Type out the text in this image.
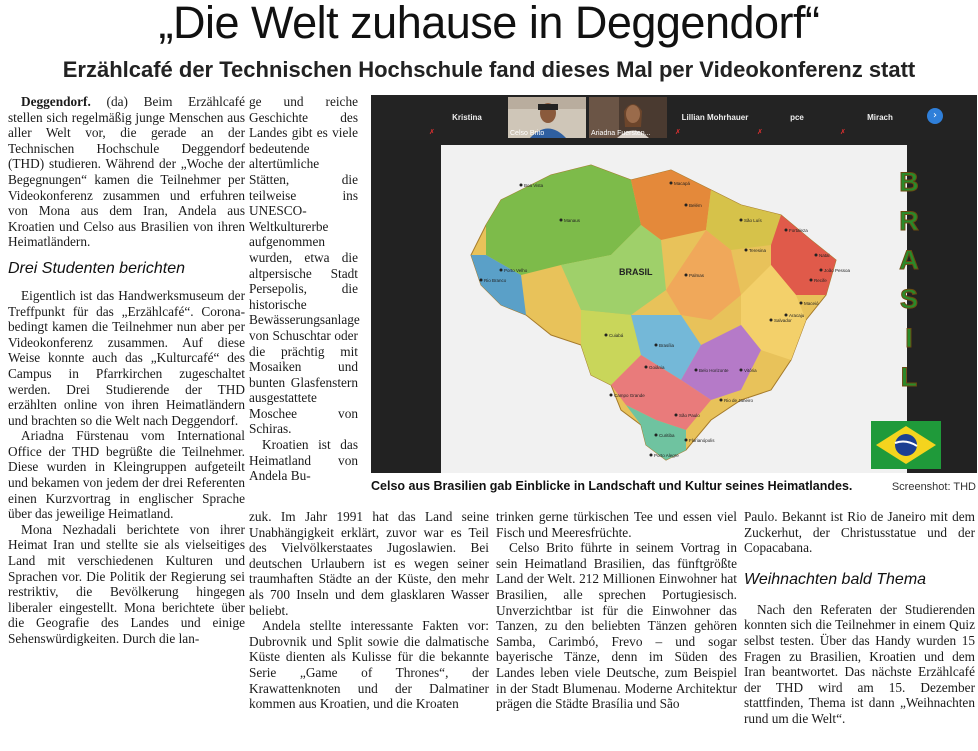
„Die Welt zuhause in Deggendorf“
Erzählcafé der Technischen Hochschule fand dieses Mal per Videokonferenz statt

Deggendorf. (da) Beim Erzählcafé stellen sich regelmäßig junge Menschen aus aller Welt vor, die gerade an der Technischen Hochschule Deggendorf (THD) studieren. Während der „Woche der Begegnungen“ kamen die Teilnehmer per Videokonferenz zusammen und erfuhren von Mona aus dem Iran, Andela aus Kroatien und Celso aus Brasilien von ihren Heimatländern.

Drei Studenten berichten

Eigentlich ist das Handwerksmuseum der Treffpunkt für das „Erzählcafé“. Corona-bedingt kamen die Teilnehmer nun aber per Videokonferenz zusammen. Auf diese Weise konnte auch das „Kulturcafé“ des Campus in Pfarrkirchen zugeschaltet werden. Drei Studierende der THD erzählten online von ihren Heimatländern und brachten so die Welt nach Deggendorf.

Ariadna Fürstenau vom International Office der THD begrüßte die Teilnehmer. Diese wurden in Kleingruppen aufgeteilt und bekamen von jedem der drei Referenten einen Kurzvortrag in englischer Sprache über das jeweilige Heimatland.

Mona Nezhadali berichtete von ihrer Heimat Iran und stellte sie als vielseitiges Land mit verschiedenen Kulturen und Sprachen vor. Die Politik der Regierung sei restriktiv, die Bevölkerung hingegen liberaler eingestellt. Mona berichtete über die Geografie des Landes und einige Sehenswürdigkeiten. Durch die lan-

ge und reiche Geschichte des Landes gibt es viele bedeutende altertümliche Stätten, die teilweise ins UNESCO-Weltkulturerbe aufgenommen wurden, etwa die altpersische Stadt Persepolis, die historische Bewässerungsanlage von Schuschtar oder die prächtig mit Mosaiken und bunten Glasfenstern ausgestattete Moschee von Schiras.

Kroatien ist das Heimatland von Andela Bu-

zuk. Im Jahr 1991 hat das Land seine Unabhängigkeit erklärt, zuvor war es Teil des Vielvölkerstaates Jugoslawien. Bei deutschen Urlaubern ist es wegen seiner traumhaften Städte an der Küste, den mehr als 700 Inseln und dem glasklaren Wasser beliebt.

Andela stellte interessante Fakten vor: Dubrovnik und Split sowie die dalmatische Küste dienten als Kulisse für die bekannte Serie „Game of Thrones“, der Krawattenknoten und der Dalmatiner kommen aus Kroatien, und die Kroaten

trinken gerne türkischen Tee und essen viel Fisch und Meeresfrüchte.

Celso Brito führte in seinem Vortrag in sein Heimatland Brasilien, das fünftgrößte Land der Welt. 212 Millionen Einwohner hat Brasilien, alle sprechen Portugiesisch. Unverzichtbar ist für die Einwohner das Tanzen, zu den beliebten Tänzen gehören Samba, Carimbó, Frevo – und sogar bayerische Tänze, denn im Süden des Landes leben viele Deutsche, zum Beispiel in der Stadt Blumenau. Moderne Architektur prägen die Städte Brasília und São

Paulo. Bekannt ist Rio de Janeiro mit dem Zuckerhut, der Christusstatue und der Copacabana.

Weihnachten bald Thema

Nach den Referaten der Studierenden konnten sich die Teilnehmer in einem Quiz selbst testen. Über das Handy wurden 15 Fragen zu Brasilien, Kroatien und dem Iran beantwortet. Das nächste Erzählcafé der THD wird am 15. Dezember stattfinden, Thema ist dann „Weihnachten rund um die Welt“.

Kristina
✗	Celso Brito	Ariadna Fuersten...
Lillian Mohrhauer
✗
pce
✗
Mirach
✗
›
BRASIL
Boa Vista	Macapá
Manaus
Belém
São Luís
Fortaleza
Natal
Recife
Salvador
Porto Velho
Rio Branco
Cuiabá
Brasília
Goiânia
Campo Grande
Belo Horizonte	Vitória
Rio de Janeiro
São Paulo
Curitiba
Florianópolis
Porto Alegre
Palmas
Teresina
Maceió
Aracaju
João Pessoa
B
R
A
S
I
L
Celso aus Brasilien gab Einblicke in Landschaft und Kultur seines Heimatlandes.	Screenshot: THD
